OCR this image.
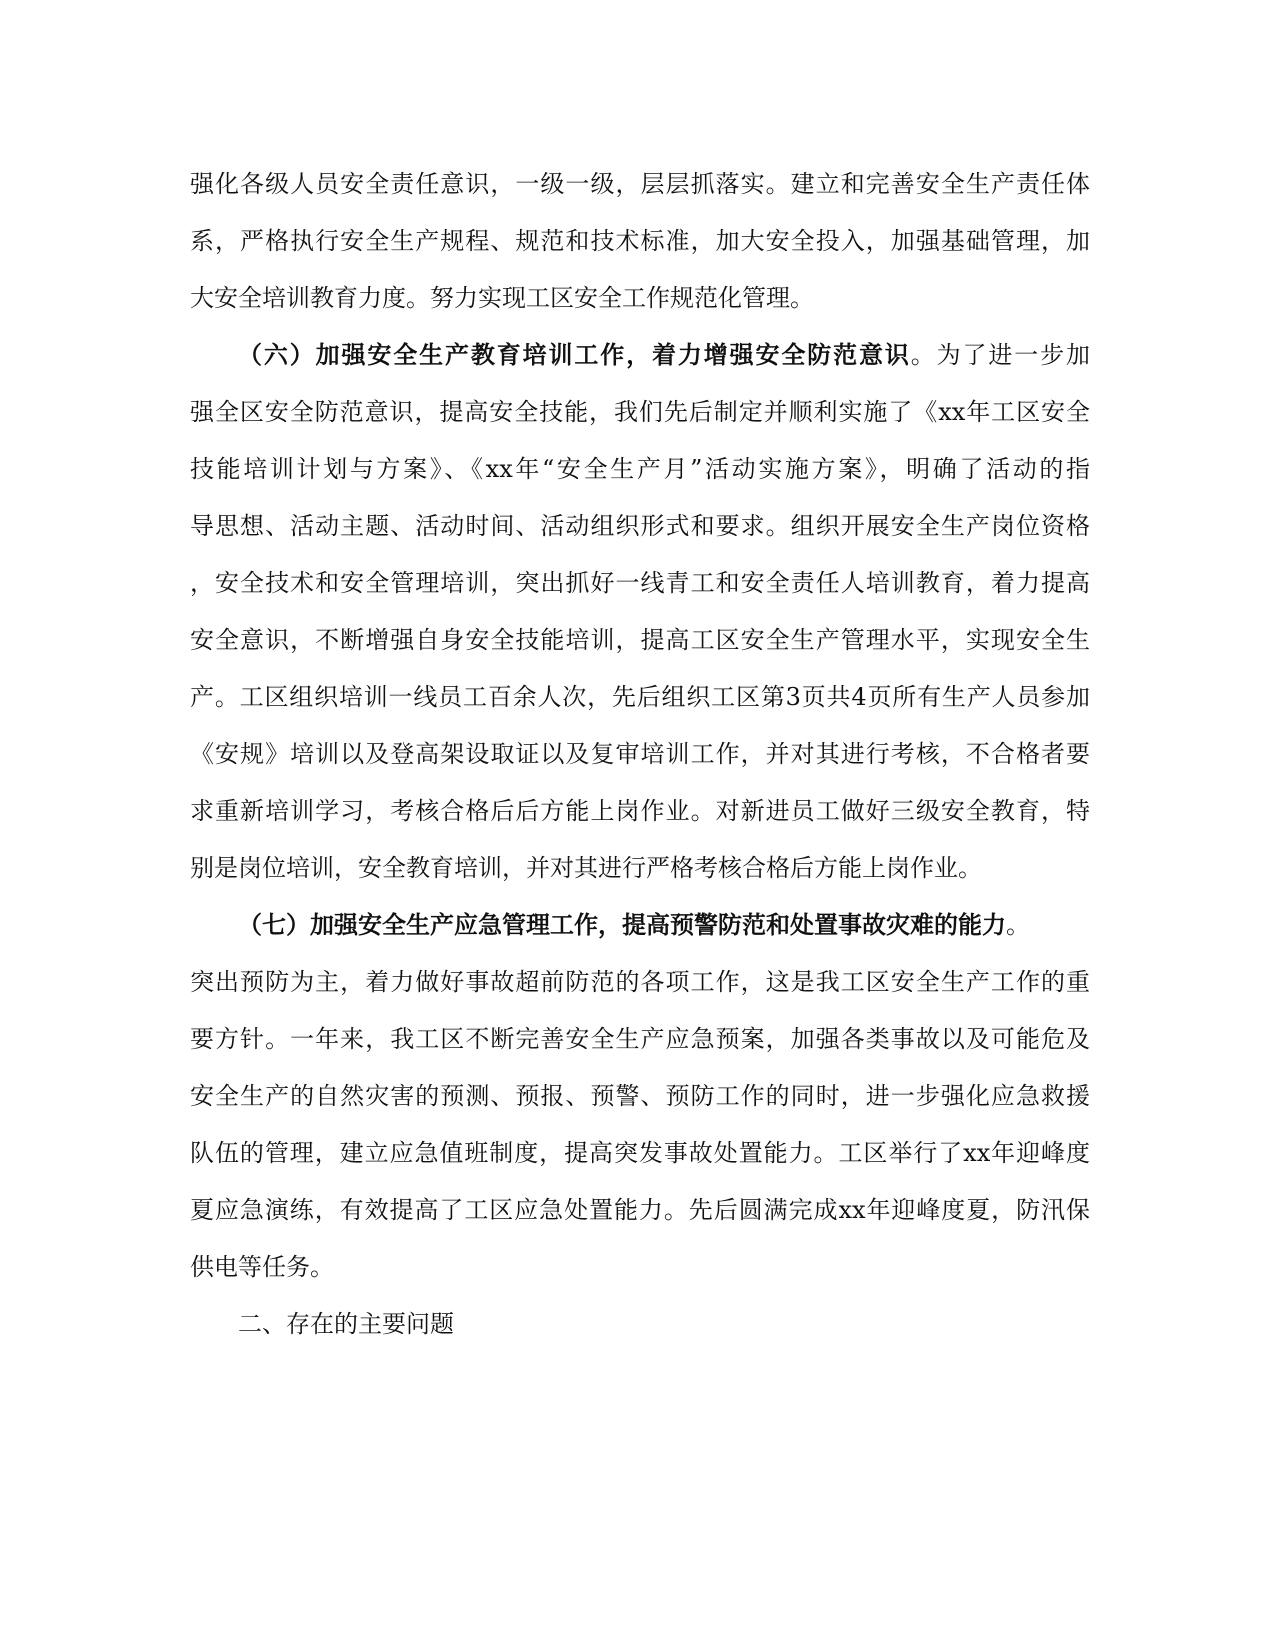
强化各级人员安全责任意识，一级一级，层层抓落实。建立和完善安全生产责任体
系，严格执行安全生产规程、规范和技术标准，加大安全投入，加强基础管理，加
大安全培训教育力度。努力实现工区安全工作规范化管理。
（六）加强安全生产教育培训工作，着力增强安全防范意识。为了进一步加
强全区安全防范意识，提高安全技能，我们先后制定并顺利实施了《xx年工区安全
技能培训计划与方案》、《xx年“安全生产月”活动实施方案》，明确了活动的指
导思想、活动主题、活动时间、活动组织形式和要求。组织开展安全生产岗位资格
，安全技术和安全管理培训，突出抓好一线青工和安全责任人培训教育，着力提高
安全意识，不断增强自身安全技能培训，提高工区安全生产管理水平，实现安全生
产。工区组织培训一线员工百余人次，先后组织工区第3页共4页所有生产人员参加
《安规》培训以及登高架设取证以及复审培训工作，并对其进行考核，不合格者要
求重新培训学习，考核合格后后方能上岗作业。对新进员工做好三级安全教育，特
别是岗位培训，安全教育培训，并对其进行严格考核合格后方能上岗作业。
（七）加强安全生产应急管理工作，提高预警防范和处置事故灾难的能力。
突出预防为主，着力做好事故超前防范的各项工作，这是我工区安全生产工作的重
要方针。一年来，我工区不断完善安全生产应急预案，加强各类事故以及可能危及
安全生产的自然灾害的预测、预报、预警、预防工作的同时，进一步强化应急救援
队伍的管理，建立应急值班制度，提高突发事故处置能力。工区举行了xx年迎峰度
夏应急演练，有效提高了工区应急处置能力。先后圆满完成xx年迎峰度夏，防汛保
供电等任务。
二、存在的主要问题
